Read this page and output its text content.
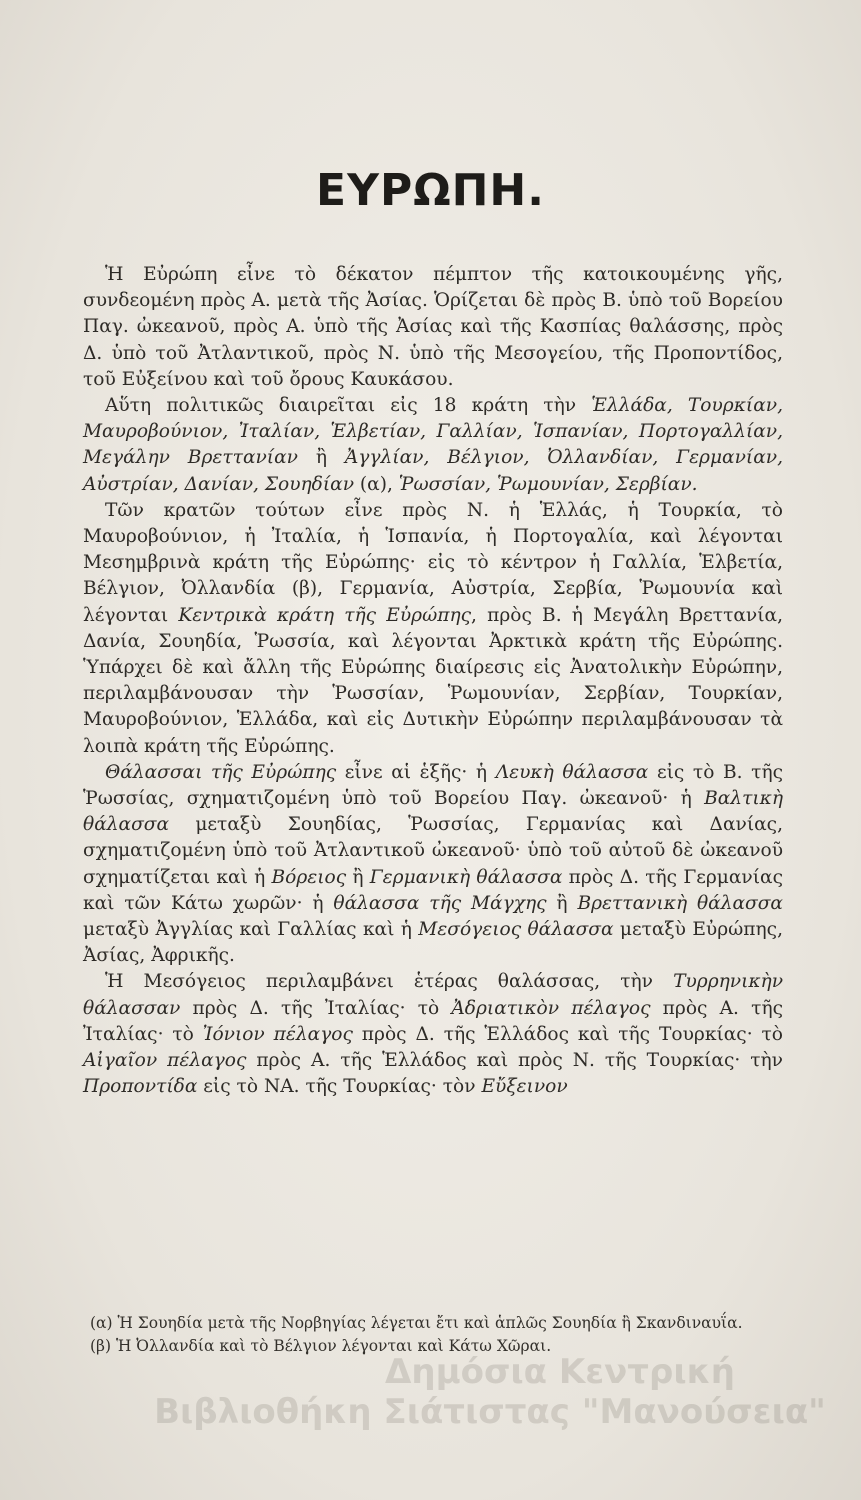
ΕΥΡΩΠΗ.

Ἡ Εὐρώπη εἶνε τὸ δέκατον πέμπτον τῆς κατοικουμένης γῆς, συνδεομένη πρὸς Α. μετὰ τῆς Ἀσίας. Ὁρίζεται δὲ πρὸς Β. ὑπὸ τοῦ Βορείου Παγ. ὠκεανοῦ, πρὸς Α. ὑπὸ τῆς Ἀσίας καὶ τῆς Κασπίας θαλάσσης, πρὸς Δ. ὑπὸ τοῦ Ἀτλαντικοῦ, πρὸς Ν. ὑπὸ τῆς Μεσογείου, τῆς Προποντίδος, τοῦ Εὐξείνου καὶ τοῦ ὄρους Καυκάσου.

Αὕτη πολιτικῶς διαιρεῖται εἰς 18 κράτη τὴν Ἑλλάδα, Τουρκίαν, Μαυροβούνιον, Ἰταλίαν, Ἑλβετίαν, Γαλλίαν, Ἱσπανίαν, Πορτογαλλίαν, Μεγάλην Βρεττανίαν ἢ Ἀγγλίαν, Βέλγιον, Ὀλλανδίαν, Γερμανίαν, Αὐστρίαν, Δανίαν, Σουηδίαν (α), Ῥωσσίαν, Ῥωμουνίαν, Σερβίαν.

Τῶν κρατῶν τούτων εἶνε πρὸς Ν. ἡ Ἑλλάς, ἡ Τουρκία, τὸ Μαυροβούνιον, ἡ Ἰταλία, ἡ Ἱσπανία, ἡ Πορτογαλία, καὶ λέγονται Μεσημβρινὰ κράτη τῆς Εὐρώπης· εἰς τὸ κέντρον ἡ Γαλλία, Ἑλβετία, Βέλγιον, Ὀλλανδία (β), Γερμανία, Αὐστρία, Σερβία, Ῥωμουνία καὶ λέγονται Κεντρικὰ κράτη τῆς Εὐρώπης, πρὸς Β. ἡ Μεγάλη Βρεττανία, Δανία, Σουηδία, Ῥωσσία, καὶ λέγονται Ἀρκτικὰ κράτη τῆς Εὐρώπης. Ὑπάρχει δὲ καὶ ἄλλη τῆς Εὐρώπης διαίρεσις εἰς Ἀνατολικὴν Εὐρώπην, περιλαμβάνουσαν τὴν Ῥωσσίαν, Ῥωμουνίαν, Σερβίαν, Τουρκίαν, Μαυροβούνιον, Ἑλλάδα, καὶ εἰς Δυτικὴν Εὐρώπην περιλαμβάνουσαν τὰ λοιπὰ κράτη τῆς Εὐρώπης.

Θάλασσαι τῆς Εὐρώπης εἶνε αἱ ἑξῆς· ἡ Λευκὴ θάλασσα εἰς τὸ Β. τῆς Ῥωσσίας, σχηματιζομένη ὑπὸ τοῦ Βορείου Παγ. ὠκεανοῦ· ἡ Βαλτικὴ θάλασσα μεταξὺ Σουηδίας, Ῥωσσίας, Γερμανίας καὶ Δανίας, σχηματιζομένη ὑπὸ τοῦ Ἀτλαντικοῦ ὠκεανοῦ· ὑπὸ τοῦ αὐτοῦ δὲ ὠκεανοῦ σχηματίζεται καὶ ἡ Βόρειος ἢ Γερμανικὴ θάλασσα πρὸς Δ. τῆς Γερμανίας καὶ τῶν Κάτω χωρῶν· ἡ θάλασσα τῆς Μάγχης ἢ Βρεττανικὴ θάλασσα μεταξὺ Ἀγγλίας καὶ Γαλλίας καὶ ἡ Μεσόγειος θάλασσα μεταξὺ Εὐρώπης, Ἀσίας, Ἀφρικῆς.

Ἡ Μεσόγειος περιλαμβάνει ἑτέρας θαλάσσας, τὴν Τυρρηνικὴν θάλασσαν πρὸς Δ. τῆς Ἰταλίας· τὸ Ἀδριατικὸν πέλαγος πρὸς Α. τῆς Ἰταλίας· τὸ Ἰόνιον πέλαγος πρὸς Δ. τῆς Ἑλλάδος καὶ τῆς Τουρκίας· τὸ Αἰγαῖον πέλαγος πρὸς Α. τῆς Ἑλλάδος καὶ πρὸς Ν. τῆς Τουρκίας· τὴν Προποντίδα εἰς τὸ ΝΑ. τῆς Τουρκίας· τὸν Εὔξεινον

(α) Ἡ Σουηδία μετὰ τῆς Νορβηγίας λέγεται ἔτι καὶ ἁπλῶς Σουηδία ἢ Σκανδιναυΐα.

(β) Ἡ Ὀλλανδία καὶ τὸ Βέλγιον λέγονται καὶ Κάτω Χῶραι.

Δημόσια Κεντρική
Βιβλιοθήκη Σιάτιστας "Μανούσεια"
